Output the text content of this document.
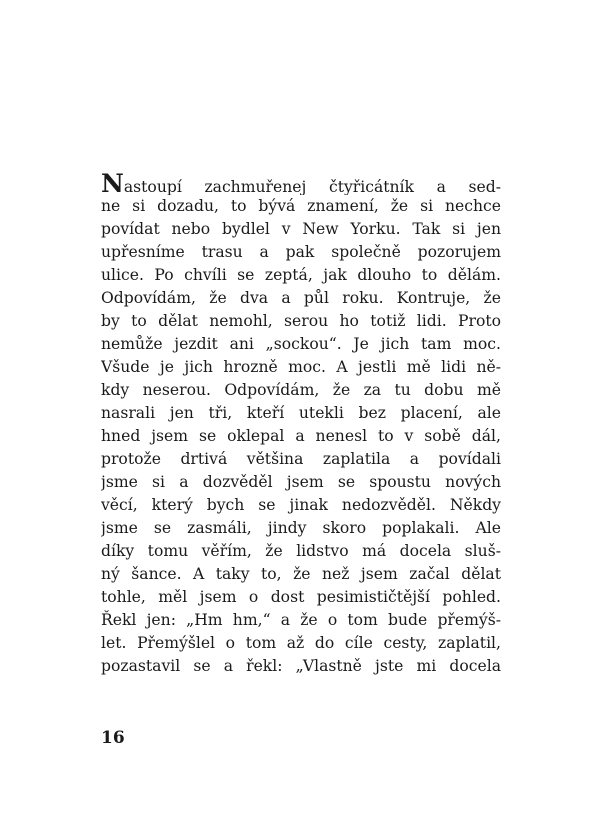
Nastoupí zachmuřenej čtyřicátník a sed-
ne si dozadu, to bývá znamení, že si nechce
povídat nebo bydlel v New Yorku. Tak si jen
upřesníme trasu a pak společně pozorujem
ulice. Po chvíli se zeptá, jak dlouho to dělám.
Odpovídám, že dva a půl roku. Kontruje, že
by to dělat nemohl, serou ho totiž lidi. Proto
nemůže jezdit ani „sockou“. Je jich tam moc.
Všude je jich hrozně moc. A jestli mě lidi ně-
kdy neserou. Odpovídám, že za tu dobu mě
nasrali jen tři, kteří utekli bez placení, ale
hned jsem se oklepal a nenesl to v sobě dál,
protože drtivá většina zaplatila a povídali
jsme si a dozvěděl jsem se spoustu nových
věcí, který bych se jinak nedozvěděl. Někdy
jsme se zasmáli, jindy skoro poplakali. Ale
díky tomu věřím, že lidstvo má docela sluš-
ný šance. A taky to, že než jsem začal dělat
tohle, měl jsem o dost pesimističtější pohled.
Řekl jen: „Hm hm,“ a že o tom bude přemýš-
let. Přemýšlel o tom až do cíle cesty, zaplatil,
pozastavil se a řekl: „Vlastně jste mi docela
16
